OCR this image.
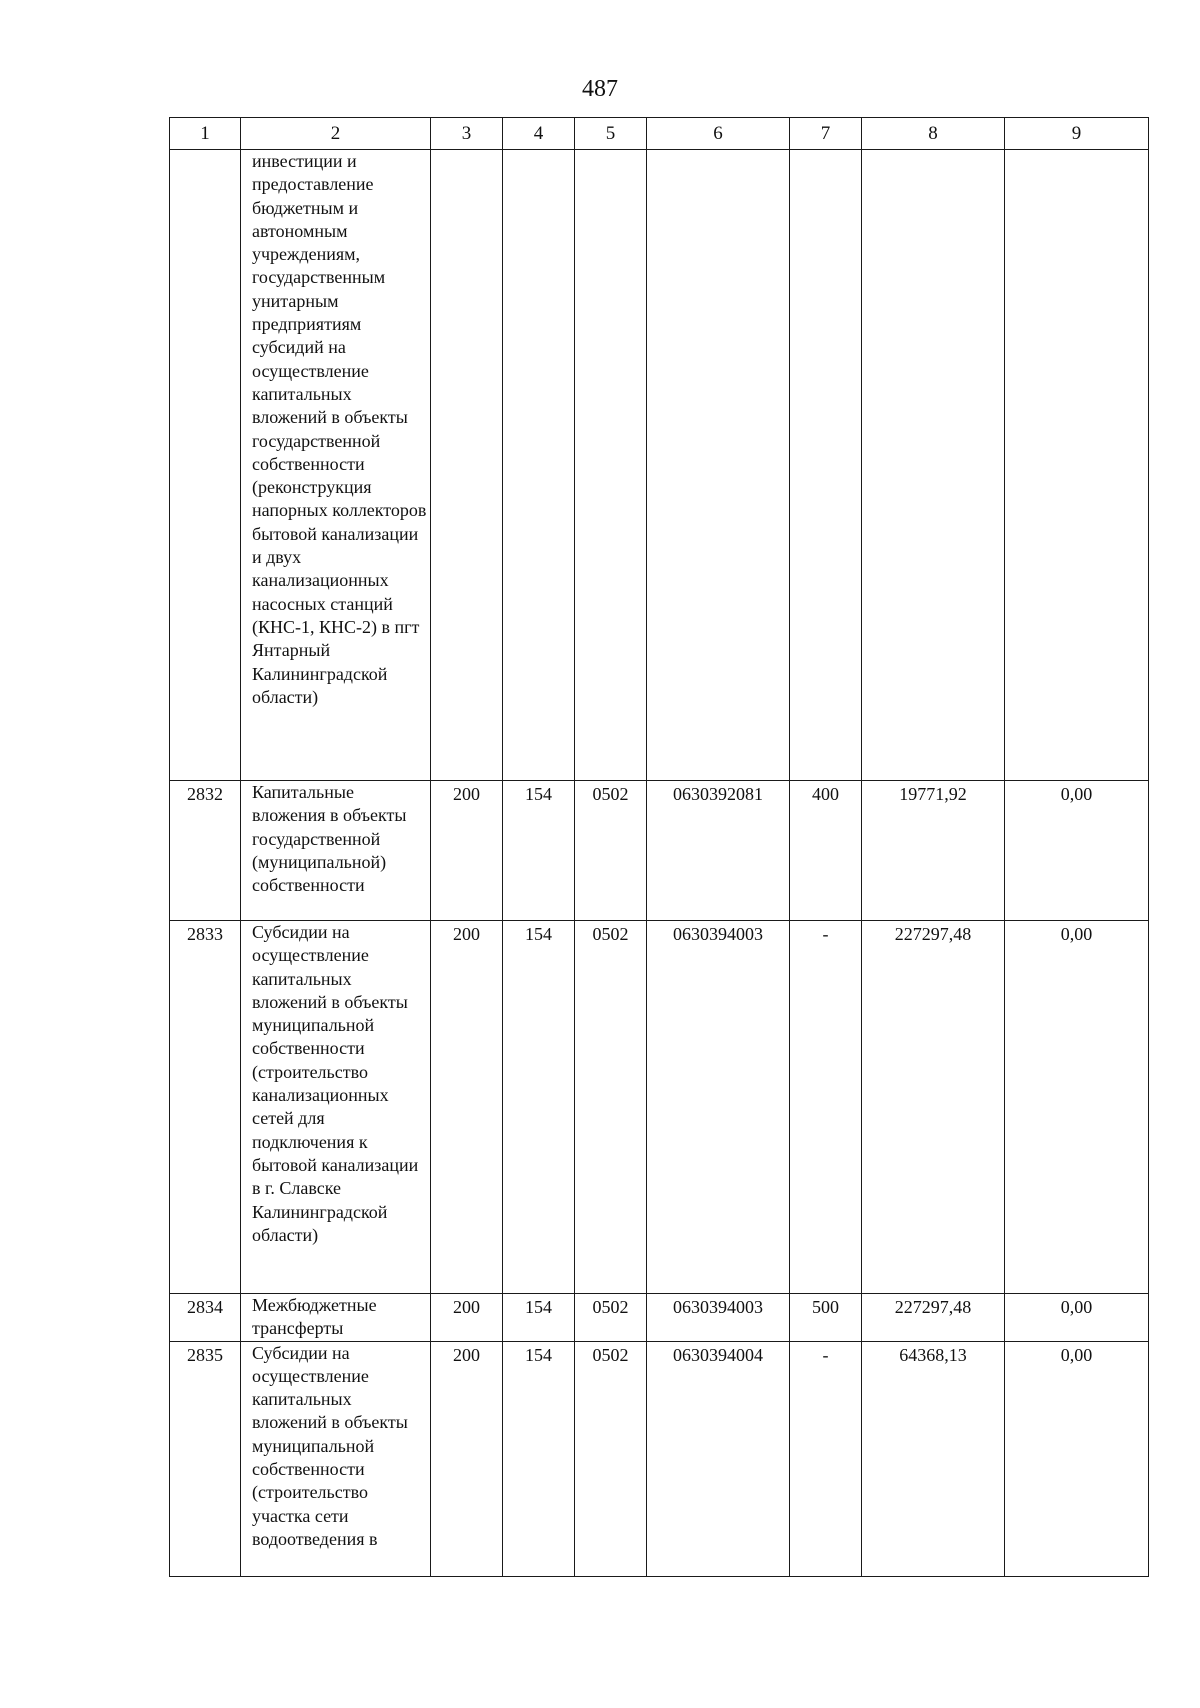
487
1	2	3	4	5	6	7	8	9
	инвестиции и предоставление бюджетным и автономным учреждениям, государственным унитарным предприятиям субсидий на осуществление капитальных вложений в объекты государственной собственности (реконструкция напорных коллекторов бытовой канализации и двух канализационных насосных станций (КНС-1, КНС-2) в пгт Янтарный Калининградской области)							
2832	Капитальные вложения в объекты государственной (муниципальной) собственности	200	154	0502	0630392081	400	19771,92	0,00
2833	Субсидии на осуществление капитальных вложений в объекты муниципальной собственности (строительство канализационных сетей для подключения к бытовой канализации в г. Славске Калининградской области)	200	154	0502	0630394003	-	227297,48	0,00
2834	Межбюджетные трансферты	200	154	0502	0630394003	500	227297,48	0,00
2835	Субсидии на осуществление капитальных вложений в объекты муниципальной собственности (строительство участка сети водоотведения в	200	154	0502	0630394004	-	64368,13	0,00
